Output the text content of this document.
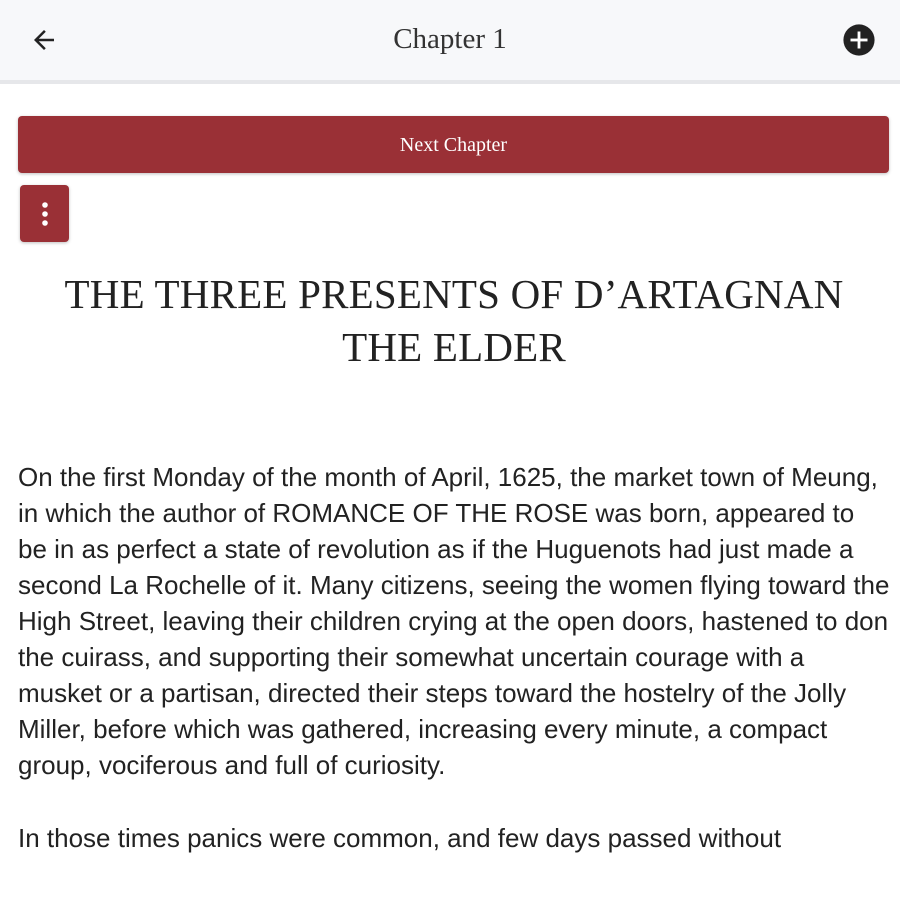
Chapter 1
Next Chapter
THE THREE PRESENTS OF D’ARTAGNAN THE ELDER

On the first Monday of the month of April, 1625, the market town of Meung, in which the author of ROMANCE OF THE ROSE was born, appeared to be in as perfect a state of revolution as if the Huguenots had just made a second La Rochelle of it. Many citizens, seeing the women flying toward the High Street, leaving their children crying at the open doors, hastened to don the cuirass, and supporting their somewhat uncertain courage with a musket or a partisan, directed their steps toward the hostelry of the Jolly Miller, before which was gathered, increasing every minute, a compact group, vociferous and full of curiosity.

In those times panics were common, and few days passed without
